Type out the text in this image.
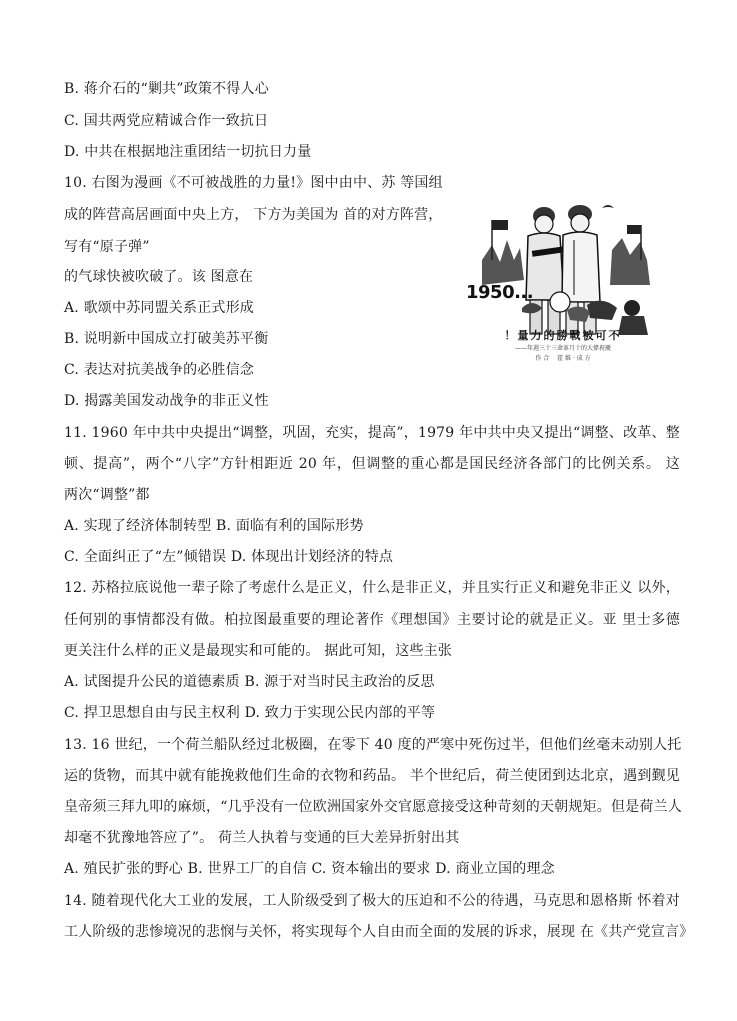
B. 蒋介石的“剿共”政策不得人心
C. 国共两党应精诚合作一致抗日
D. 中共在根据地注重团结一切抗日力量
10. 右图为漫画《不可被战胜的力量!》图中由中、苏 等国组
成的阵营高居画面中央上方， 下方为美国为 首的对方阵营，
写有“原子弹”
的气球快被吹破了。该 图意在
A. 歌颂中苏同盟关系正式形成
B. 说明新中国成立打破美苏平衡
C. 表达对抗美战争的必胜信念
D. 揭露美国发动战争的非正义性
11. 1960 年中共中央提出“调整，巩固，充实，提高”，1979 年中共中央又提出“调整、改革、整
顿、提高”，两个“八字”方针相距近 20 年，但调整的重心都是国民经济各部门的比例关系。 这
两次“调整”都
A. 实现了经济体制转型 B. 面临有利的国际形势
C. 全面纠正了“左”倾错误 D. 体现出计划经济的特点
12. 苏格拉底说他一辈子除了考虑什么是正义，什么是非正义，并且实行正义和避免非正义 以外，
任何别的事情都没有做。柏拉图最重要的理论著作《理想国》主要讨论的就是正义。亚 里士多德
更关注什么样的正义是最现实和可能的。 据此可知，这些主张
A. 试图提升公民的道德素质 B. 源于对当时民主政治的反思
C. 捍卫思想自由与民主权利 D. 致力于实现公民内部的平等
13. 16 世纪，一个荷兰船队经过北极圈，在零下 40 度的严寒中死伤过半，但他们丝毫未动别人托
运的货物，而其中就有能挽救他们生命的衣物和药品。 半个世纪后，荷兰使团到达北京，遇到觐见
皇帝须三拜九叩的麻烦，“几乎没有一位欧洲国家外交官愿意接受这种苛刻的天朝规矩。但是荷兰人
却毫不犹豫地答应了”。 荷兰人执着与变通的巨大差异折射出其
A. 殖民扩张的野心 B. 世界工厂的自信 C. 资本输出的要求 D. 商业立国的理念
14. 随着现代化大工业的发展，工人阶级受到了极大的压迫和不公的待遇，马克思和恩格斯 怀着对
工人阶级的悲惨境况的悲悯与关怀，将实现每个人自由而全面的发展的诉求，展现 在《共产党宣言》
1950...
！量力的勝戰被可不
——年週三十三命革月十的大偉祝慶
作 合　 霍 維 · 成 方
